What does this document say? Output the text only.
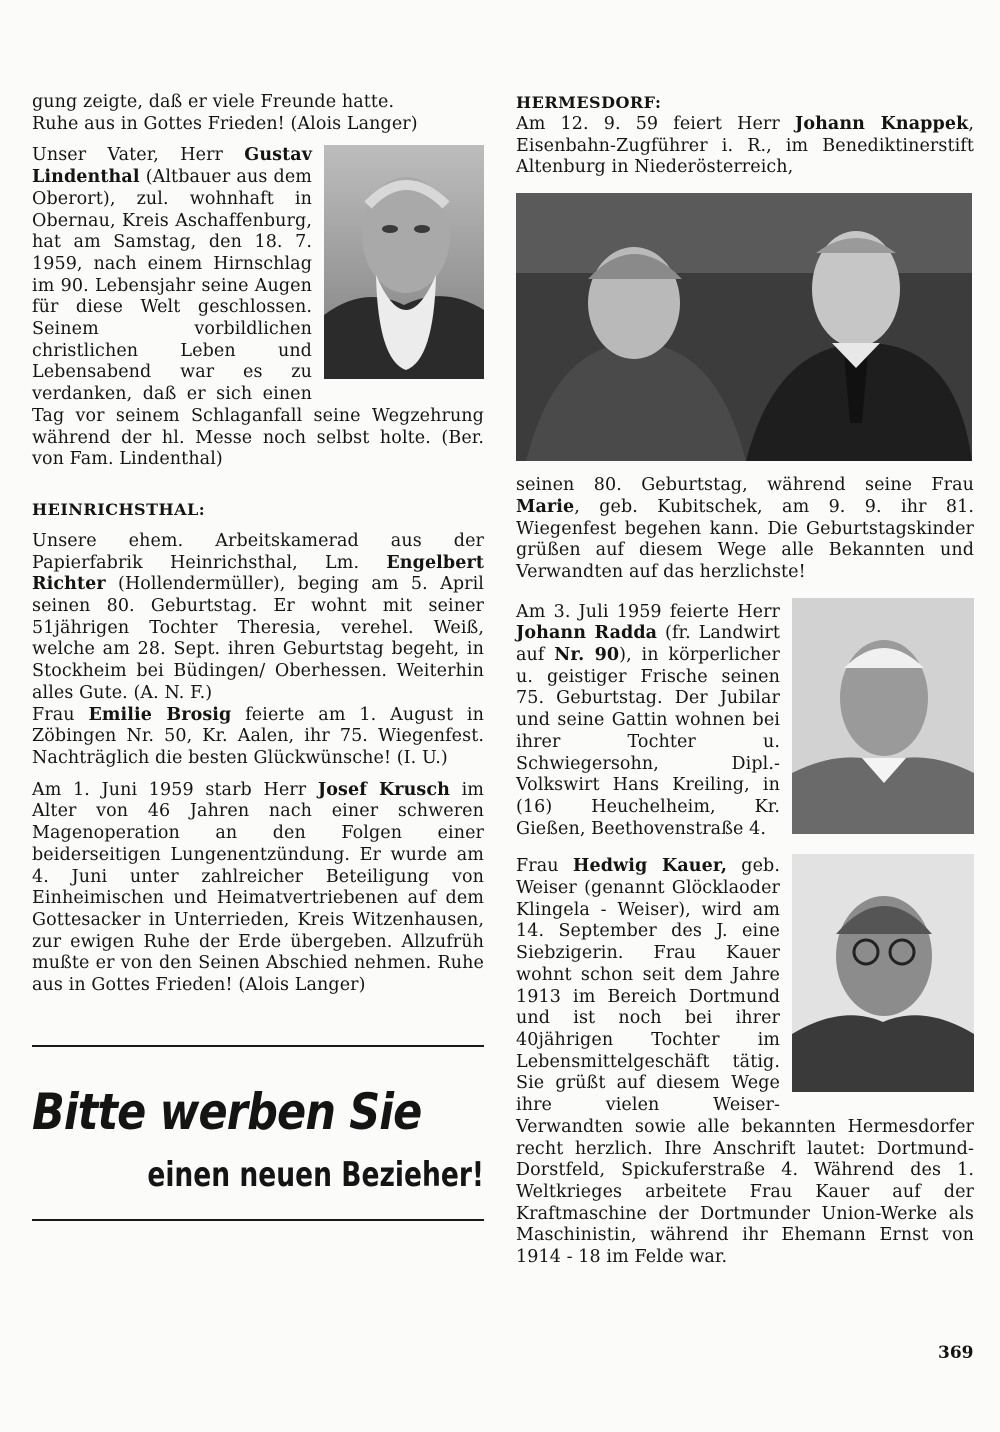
gung zeigte, daß er viele Freunde hatte.

Ruhe aus in Gottes Frieden! (Alois Langer)

Unser Vater, Herr Gustav Lindenthal (Altbauer aus dem Oberort), zul. wohnhaft in Obernau, Kreis Aschaffenburg, hat am Samstag, den 18. 7. 1959, nach einem Hirnschlag im 90. Lebensjahr seine Augen für diese Welt geschlossen. Seinem vorbildlichen christlichen Leben und Lebensabend war es zu verdanken, daß er sich einen Tag vor seinem Schlaganfall seine Wegzehrung während der hl. Messe noch selbst holte. (Ber. von Fam. Lindenthal)

HEINRICHSTHAL:

Unsere ehem. Arbeitskamerad aus der Papierfabrik Heinrichsthal, Lm. Engelbert Richter (Hollendermüller), beging am 5. April seinen 80. Geburtstag. Er wohnt mit seiner 51jährigen Tochter Theresia, verehel. Weiß, welche am 28. Sept. ihren Geburtstag begeht, in Stockheim bei Büdingen/ Oberhessen. Weiterhin alles Gute. (A. N. F.)

Frau Emilie Brosig feierte am 1. August in Zöbingen Nr. 50, Kr. Aalen, ihr 75. Wiegenfest. Nachträglich die besten Glückwünsche! (I. U.)

Am 1. Juni 1959 starb Herr Josef Krusch im Alter von 46 Jahren nach einer schweren Magenoperation an den Folgen einer beiderseitigen Lungenentzündung. Er wurde am 4. Juni unter zahlreicher Beteiligung von Einheimischen und Heimatvertriebenen auf dem Gottesacker in Unterrieden, Kreis Witzenhausen, zur ewigen Ruhe der Erde übergeben. Allzufrüh mußte er von den Seinen Abschied nehmen. Ruhe aus in Gottes Frieden! (Alois Langer)

Bitte werben Sie
einen neuen Bezieher!
HERMESDORF:

Am 12. 9. 59 feiert Herr Johann Knappek, Eisenbahn-Zugführer i. R., im Benediktinerstift Altenburg in Niederösterreich,

seinen 80. Geburtstag, während seine Frau Marie, geb. Kubitschek, am 9. 9. ihr 81. Wiegenfest begehen kann. Die Geburtstagskinder grüßen auf diesem Wege alle Bekannten und Verwandten auf das herzlichste!

Am 3. Juli 1959 feierte Herr Johann Radda (fr. Landwirt auf Nr. 90), in körperlicher u. geistiger Frische seinen 75. Geburtstag. Der Jubilar und seine Gattin wohnen bei ihrer Tochter u. Schwiegersohn, Dipl.-Volkswirt Hans Kreiling, in (16) Heuchelheim, Kr. Gießen, Beethovenstraße 4.

Frau Hedwig Kauer, geb. Weiser (genannt Glöcklaoder Klingela - Weiser), wird am 14. September des J. eine Siebzigerin. Frau Kauer wohnt schon seit dem Jahre 1913 im Bereich Dortmund und ist noch bei ihrer 40jährigen Tochter im Lebensmittelgeschäft tätig. Sie grüßt auf diesem Wege ihre vielen Weiser-Verwandten sowie alle bekannten Hermesdorfer recht herzlich. Ihre Anschrift lautet: Dortmund-Dorstfeld, Spickuferstraße 4. Während des 1. Weltkrieges arbeitete Frau Kauer auf der Kraftmaschine der Dortmunder Union-Werke als Maschinistin, während ihr Ehemann Ernst von 1914 - 18 im Felde war.

369
